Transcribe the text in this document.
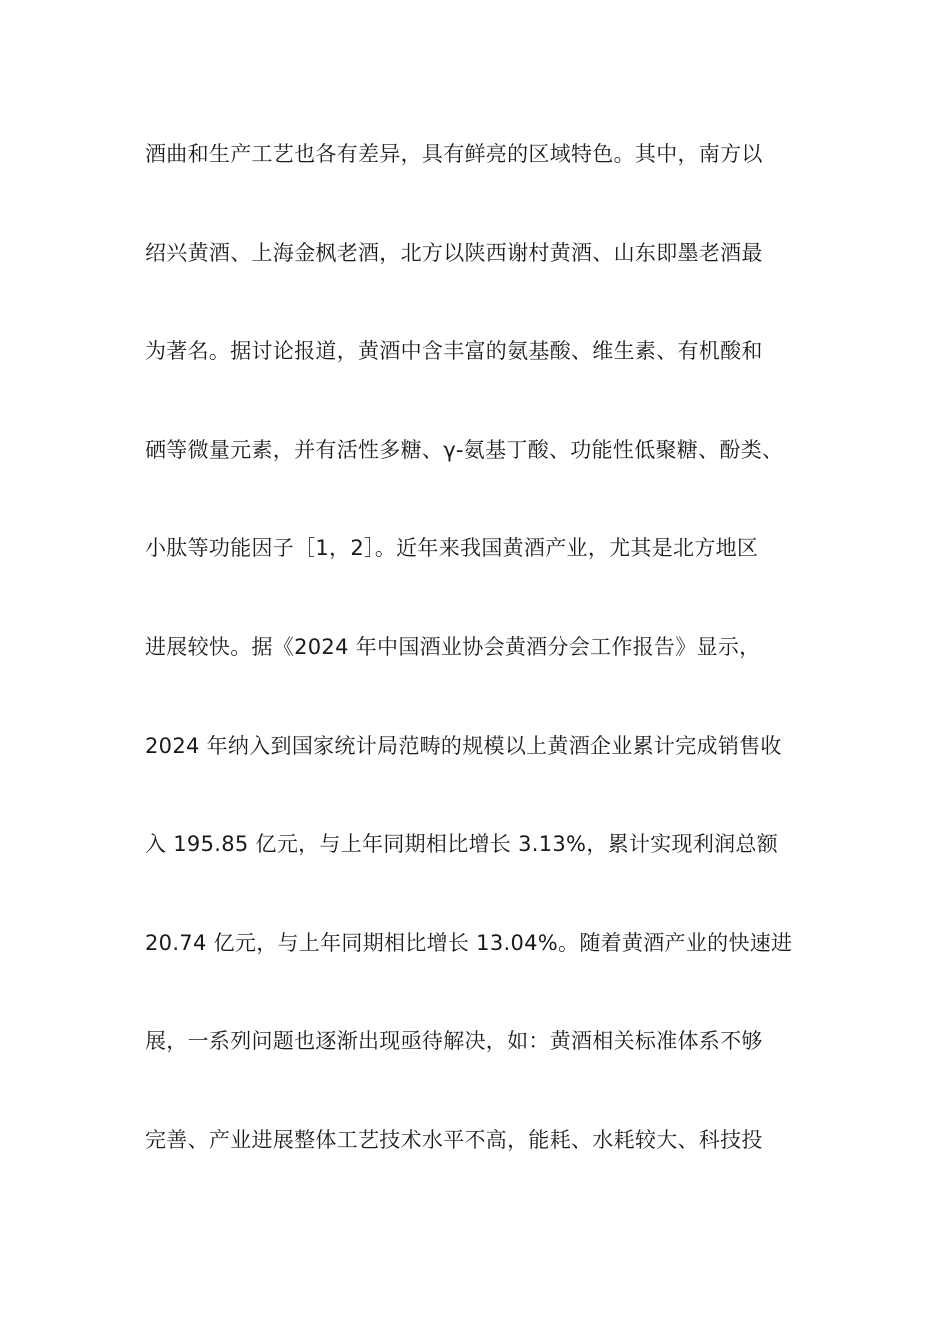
酒曲和生产工艺也各有差异，具有鲜亮的区域特色。其中，南方以
绍兴黄酒、上海金枫老酒，北方以陕西谢村黄酒、山东即墨老酒最
为著名。据讨论报道，黄酒中含丰富的氨基酸、维生素、有机酸和
硒等微量元素，并有活性多糖、γ-氨基丁酸、功能性低聚糖、酚类、
小肽等功能因子［1，2］。近年来我国黄酒产业，尤其是北方地区
进展较快。据《2024 年中国酒业协会黄酒分会工作报告》显示，
2024 年纳入到国家统计局范畴的规模以上黄酒企业累计完成销售收
入 195.85 亿元，与上年同期相比增长 3.13%，累计实现利润总额
20.74 亿元，与上年同期相比增长 13.04%。随着黄酒产业的快速进
展，一系列问题也逐渐出现亟待解决，如：黄酒相关标准体系不够
完善、产业进展整体工艺技术水平不高，能耗、水耗较大、科技投
